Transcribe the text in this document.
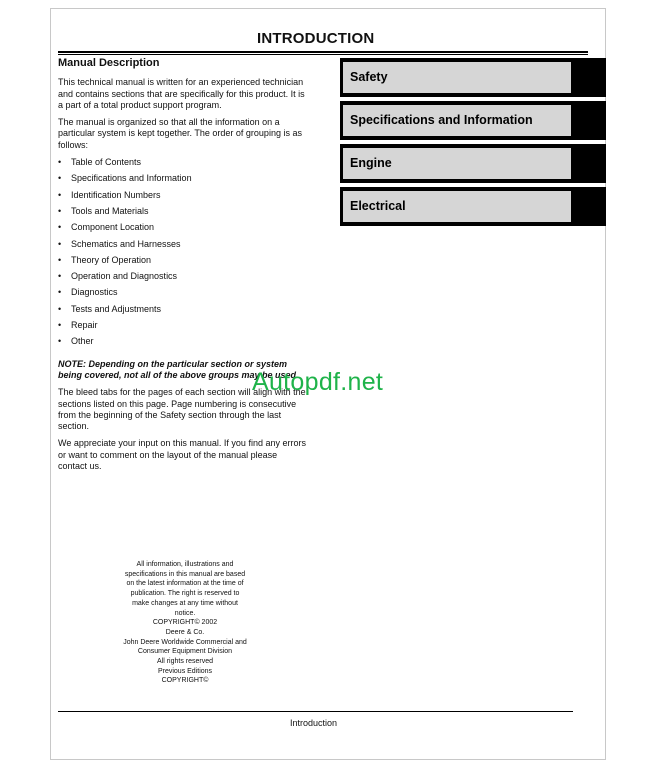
INTRODUCTION
Manual Description

This technical manual is written for an experienced technician and contains sections that are specifically for this product. It is a part of a total product support program.

The manual is organized so that all the information on a particular system is kept together. The order of grouping is as follows:

• Table of Contents
• Specifications and Information
• Identification Numbers
• Tools and Materials
• Component Location
• Schematics and Harnesses
• Theory of Operation
• Operation and Diagnostics
• Diagnostics
• Tests and Adjustments
• Repair
• Other

NOTE: Depending on the particular section or system being covered, not all of the above groups may be used.

The bleed tabs for the pages of each section will align with the sections listed on this page. Page numbering is consecutive from the beginning of the Safety section through the last section.

We appreciate your input on this manual. If you find any errors or want to comment on the layout of the manual please contact us.

Safety
Specifications and Information
Engine
Electrical
Autopdf.net
All information, illustrations and
specifications in this manual are based
on the latest information at the time of
publication. The right is reserved to
make changes at any time without
notice.
COPYRIGHT© 2002
Deere & Co.
John Deere Worldwide Commercial and
Consumer Equipment Division
All rights reserved
Previous Editions
COPYRIGHT©
Introduction
